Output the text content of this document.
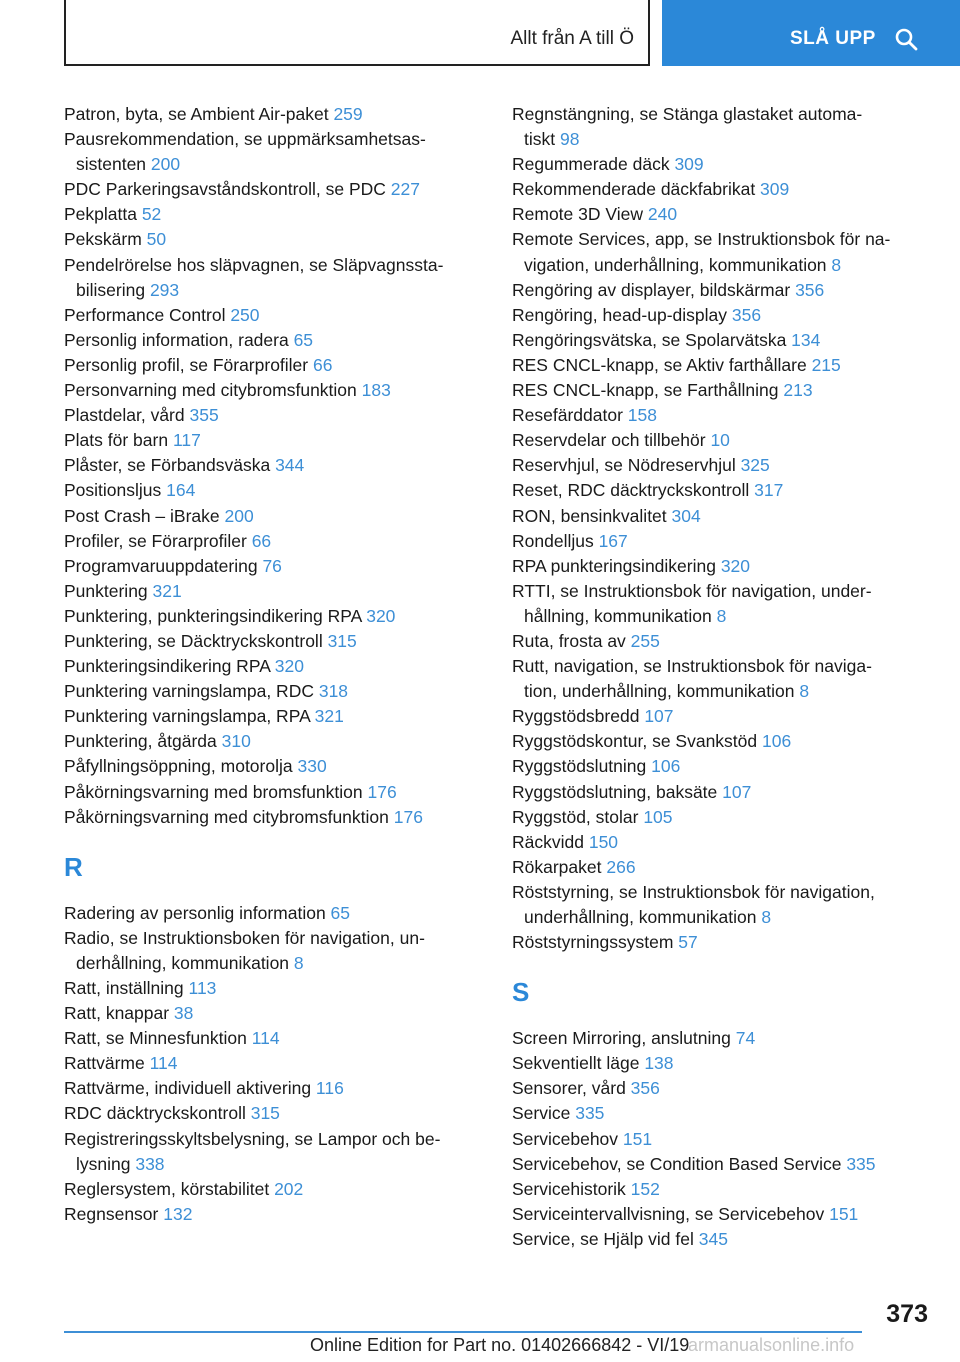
Allt från A till Ö	SLÅ UPP
Patron, byta, se Ambient Air-paket 259
Pausrekommendation, se uppmärksamhetsas-
sistenten 200
PDC Parkeringsavståndskontroll, se PDC 227
Pekplatta 52
Pekskärm 50
Pendelrörelse hos släpvagnen, se Släpvagnssta-
bilisering 293
Performance Control 250
Personlig information, radera 65
Personlig profil, se Förarprofiler 66
Personvarning med citybromsfunktion 183
Plastdelar, vård 355
Plats för barn 117
Plåster, se Förbandsväska 344
Positionsljus 164
Post Crash – iBrake 200
Profiler, se Förarprofiler 66
Programvaruuppdatering 76
Punktering 321
Punktering, punkteringsindikering RPA 320
Punktering, se Däcktryckskontroll 315
Punkteringsindikering RPA 320
Punktering varningslampa, RDC 318
Punktering varningslampa, RPA 321
Punktering, åtgärda 310
Påfyllningsöppning, motorolja 330
Påkörningsvarning med bromsfunktion 176
Påkörningsvarning med citybromsfunktion 176
R
Radering av personlig information 65
Radio, se Instruktionsboken för navigation, un-
derhållning, kommunikation 8
Ratt, inställning 113
Ratt, knappar 38
Ratt, se Minnesfunktion 114
Rattvärme 114
Rattvärme, individuell aktivering 116
RDC däcktryckskontroll 315
Registreringsskyltsbelysning, se Lampor och be-
lysning 338
Reglersystem, körstabilitet 202
Regnsensor 132
Regnstängning, se Stänga glastaket automa-
tiskt 98
Regummerade däck 309
Rekommenderade däckfabrikat 309
Remote 3D View 240
Remote Services, app, se Instruktionsbok för na-
vigation, underhållning, kommunikation 8
Rengöring av displayer, bildskärmar 356
Rengöring, head-up-display 356
Rengöringsvätska, se Spolarvätska 134
RES CNCL-knapp, se Aktiv farthållare 215
RES CNCL-knapp, se Farthållning 213
Resefärddator 158
Reservdelar och tillbehör 10
Reservhjul, se Nödreservhjul 325
Reset, RDC däcktryckskontroll 317
RON, bensinkvalitet 304
Rondelljus 167
RPA punkteringsindikering 320
RTTI, se Instruktionsbok för navigation, under-
hållning, kommunikation 8
Ruta, frosta av 255
Rutt, navigation, se Instruktionsbok för naviga-
tion, underhållning, kommunikation 8
Ryggstödsbredd 107
Ryggstödskontur, se Svankstöd 106
Ryggstödslutning 106
Ryggstödslutning, baksäte 107
Ryggstöd, stolar 105
Räckvidd 150
Rökarpaket 266
Röststyrning, se Instruktionsbok för navigation,
underhållning, kommunikation 8
Röststyrningssystem 57
S
Screen Mirroring, anslutning 74
Sekventiellt läge 138
Sensorer, vård 356
Service 335
Servicebehov 151
Servicebehov, se Condition Based Service 335
Servicehistorik 152
Serviceintervallvisning, se Servicebehov 151
Service, se Hjälp vid fel 345
373
Online Edition for Part no. 01402666842 - VI/19
armanualsonline.info
